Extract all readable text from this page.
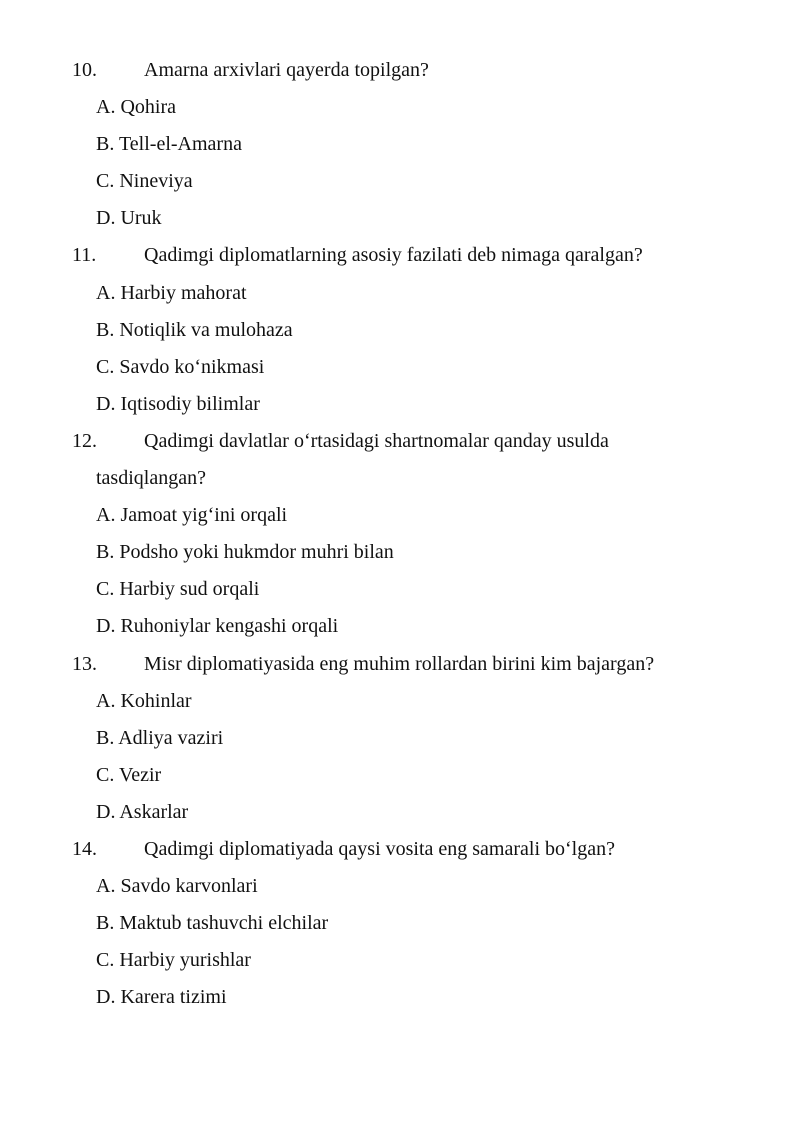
10.	Amarna arxivlari qayerda topilgan?
A. Qohira
B. Tell-el-Amarna
C. Nineviya
D. Uruk
11.	Qadimgi diplomatlarning asosiy fazilati deb nimaga qaralgan?
A. Harbiy mahorat
B. Notiqlik va mulohaza
C. Savdo ko‘nikmasi
D. Iqtisodiy bilimlar
12.	Qadimgi davlatlar o‘rtasidagi shartnomalar qanday usulda
tasdiqlangan?
A. Jamoat yig‘ini orqali
B. Podsho yoki hukmdor muhri bilan
C. Harbiy sud orqali
D. Ruhoniylar kengashi orqali
13.	Misr diplomatiyasida eng muhim rollardan birini kim bajargan?
A. Kohinlar
B. Adliya vaziri
C. Vezir
D. Askarlar
14.	Qadimgi diplomatiyada qaysi vosita eng samarali bo‘lgan?
A. Savdo karvonlari
B. Maktub tashuvchi elchilar
C. Harbiy yurishlar
D. Karera tizimi
